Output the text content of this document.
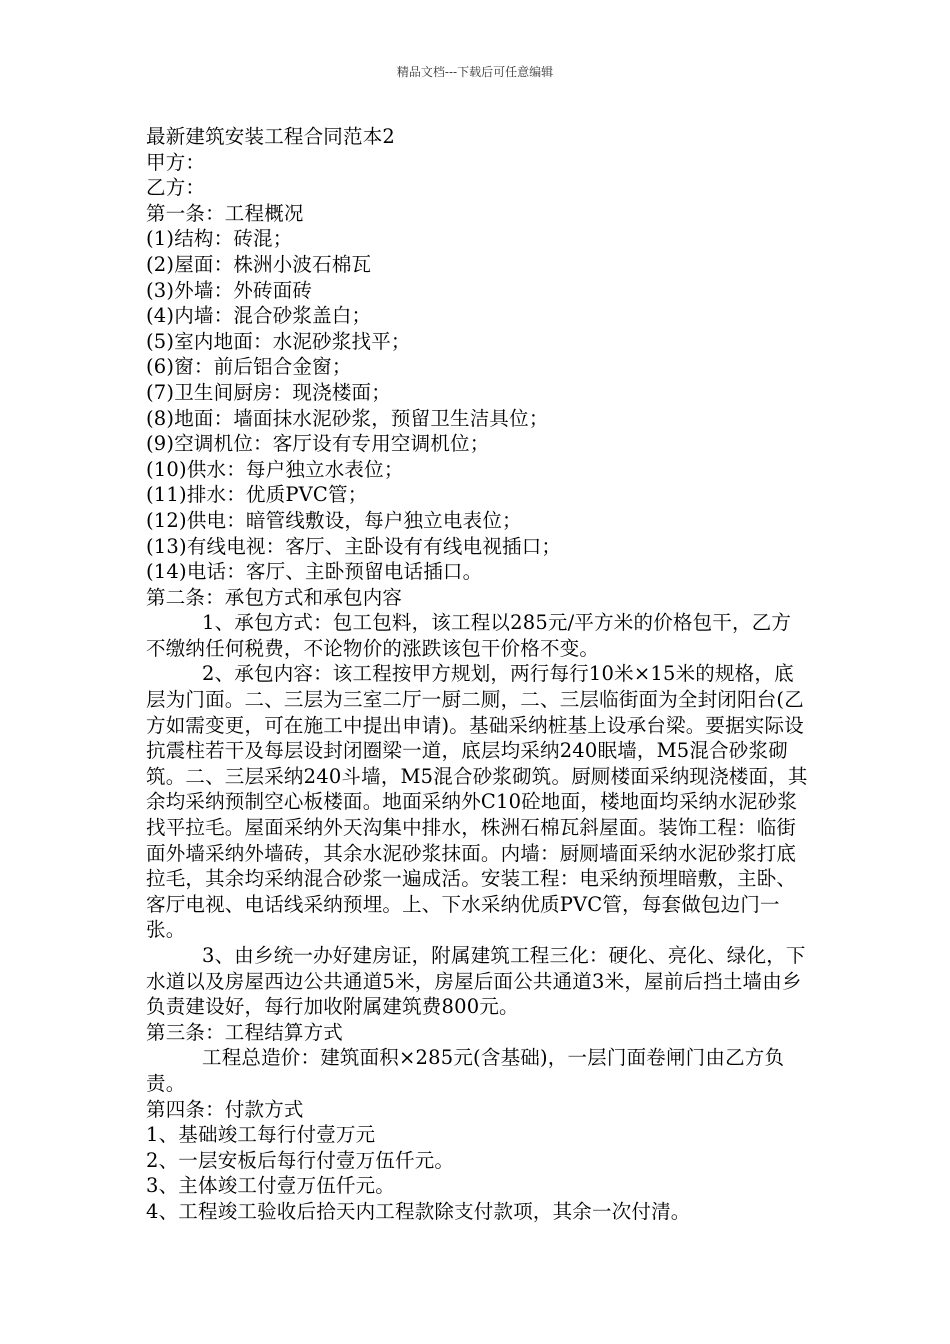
精品文档---下载后可任意编辑

最新建筑安装工程合同范本2

甲方：

乙方：

第一条：工程概况

(1)结构：砖混；

(2)屋面：株洲小波石棉瓦

(3)外墙：外砖面砖

(4)内墙：混合砂浆盖白；

(5)室内地面：水泥砂浆找平；

(6)窗：前后铝合金窗；

(7)卫生间厨房：现浇楼面；

(8)地面：墙面抹水泥砂浆，预留卫生洁具位；

(9)空调机位：客厅设有专用空调机位；

(10)供水：每户独立水表位；

(11)排水：优质PVC管；

(12)供电：暗管线敷设，每户独立电表位；

(13)有线电视：客厅、主卧设有有线电视插口；

(14)电话：客厅、主卧预留电话插口。

第二条：承包方式和承包内容

1、承包方式：包工包料，该工程以285元/平方米的价格包干，乙方不缴纳任何税费，不论物价的涨跌该包干价格不变。

2、承包内容：该工程按甲方规划，两行每行10米×15米的规格，底层为门面。二、三层为三室二厅一厨二厕，二、三层临街面为全封闭阳台(乙方如需变更，可在施工中提出申请)。基础采纳桩基上设承台梁。要据实际设抗震柱若干及每层设封闭圈梁一道，底层均采纳240眠墙，M5混合砂浆砌筑。二、三层采纳240斗墙，M5混合砂浆砌筑。厨厕楼面采纳现浇楼面，其余均采纳预制空心板楼面。地面采纳外C10砼地面，楼地面均采纳水泥砂浆找平拉毛。屋面采纳外天沟集中排水，株洲石棉瓦斜屋面。装饰工程：临街面外墙采纳外墙砖，其余水泥砂浆抹面。内墙：厨厕墙面采纳水泥砂浆打底拉毛，其余均采纳混合砂浆一遍成活。安装工程：电采纳预埋暗敷，主卧、客厅电视、电话线采纳预埋。上、下水采纳优质PVC管，每套做包边门一张。

3、由乡统一办好建房证，附属建筑工程三化：硬化、亮化、绿化，下水道以及房屋西边公共通道5米，房屋后面公共通道3米，屋前后挡土墙由乡负责建设好，每行加收附属建筑费800元。

第三条：工程结算方式

工程总造价：建筑面积×285元(含基础)，一层门面卷闸门由乙方负责。

第四条：付款方式

1、基础竣工每行付壹万元

2、一层安板后每行付壹万伍仟元。

3、主体竣工付壹万伍仟元。

4、工程竣工验收后拾天内工程款除支付款项，其余一次付清。
